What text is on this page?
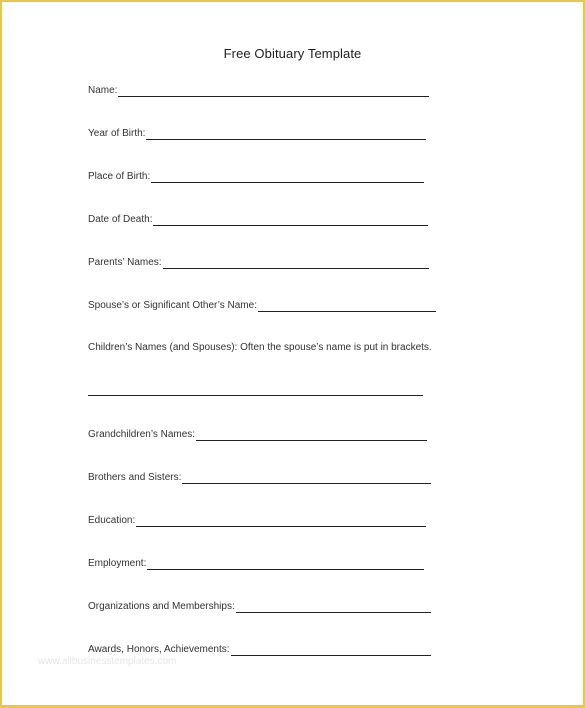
Free Obituary Template
Name:
Year of Birth:
Place of Birth:
Date of Death:
Parents’ Names:
Spouse’s or Significant Other’s Name:
Children’s Names (and Spouses): Often the spouse’s name is put in brackets.
Grandchildren’s Names:
Brothers and Sisters:
Education:
Employment:
Organizations and Memberships:
www.allbusinesstemplates.com
Awards, Honors, Achievements:
